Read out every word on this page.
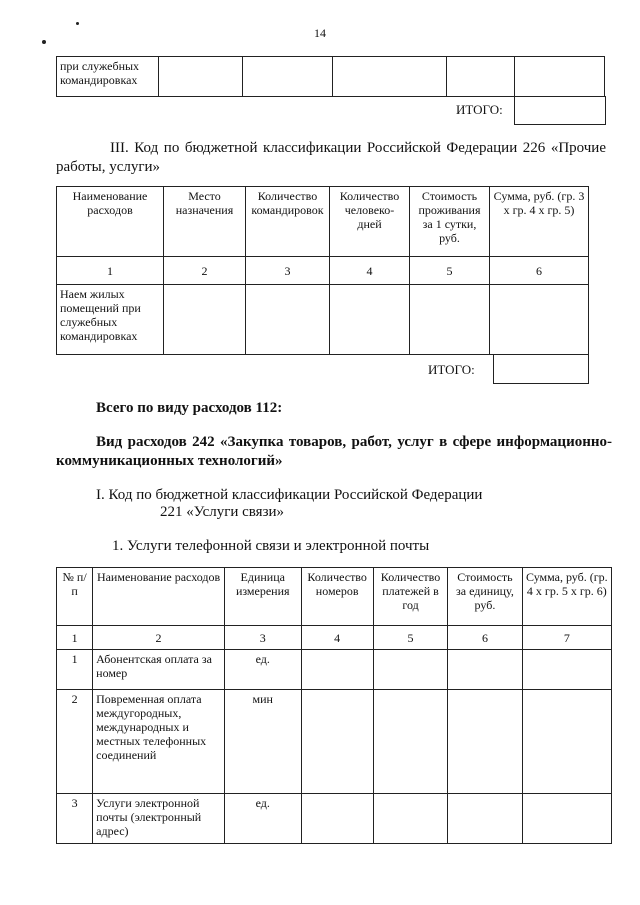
14
при служебных командировках					
ИТОГО:
III. Код по бюджетной классификации Российской Федерации 226 «Прочие работы, услуги»
Наименование расходов	Место назначения	Количество командировок	Количество человеко-дней	Стоимость проживания за 1 сутки, руб.	Сумма, руб. (гр. 3 х гр. 4 х гр. 5)
1	2	3	4	5	6
Наем жилых помещений при служебных командировках					
ИТОГО:
Всего по виду расходов 112:
Вид расходов 242 «Закупка товаров, работ, услуг в сфере информационно-коммуникационных технологий»
I. Код по бюджетной классификации Российской Федерации
221 «Услуги связи»
1. Услуги телефонной связи и электронной почты
№ п/п	Наименование расходов	Единица измерения	Количество номеров	Количество платежей в год	Стоимость за единицу, руб.	Сумма, руб. (гр. 4 х гр. 5 х гр. 6)
1	2	3	4	5	6	7
1	Абонентская оплата за номер	ед.				
2	Повременная оплата междугородных, международных и местных телефонных соединений	мин				
3	Услуги электронной почты (электронный адрес)	ед.				
